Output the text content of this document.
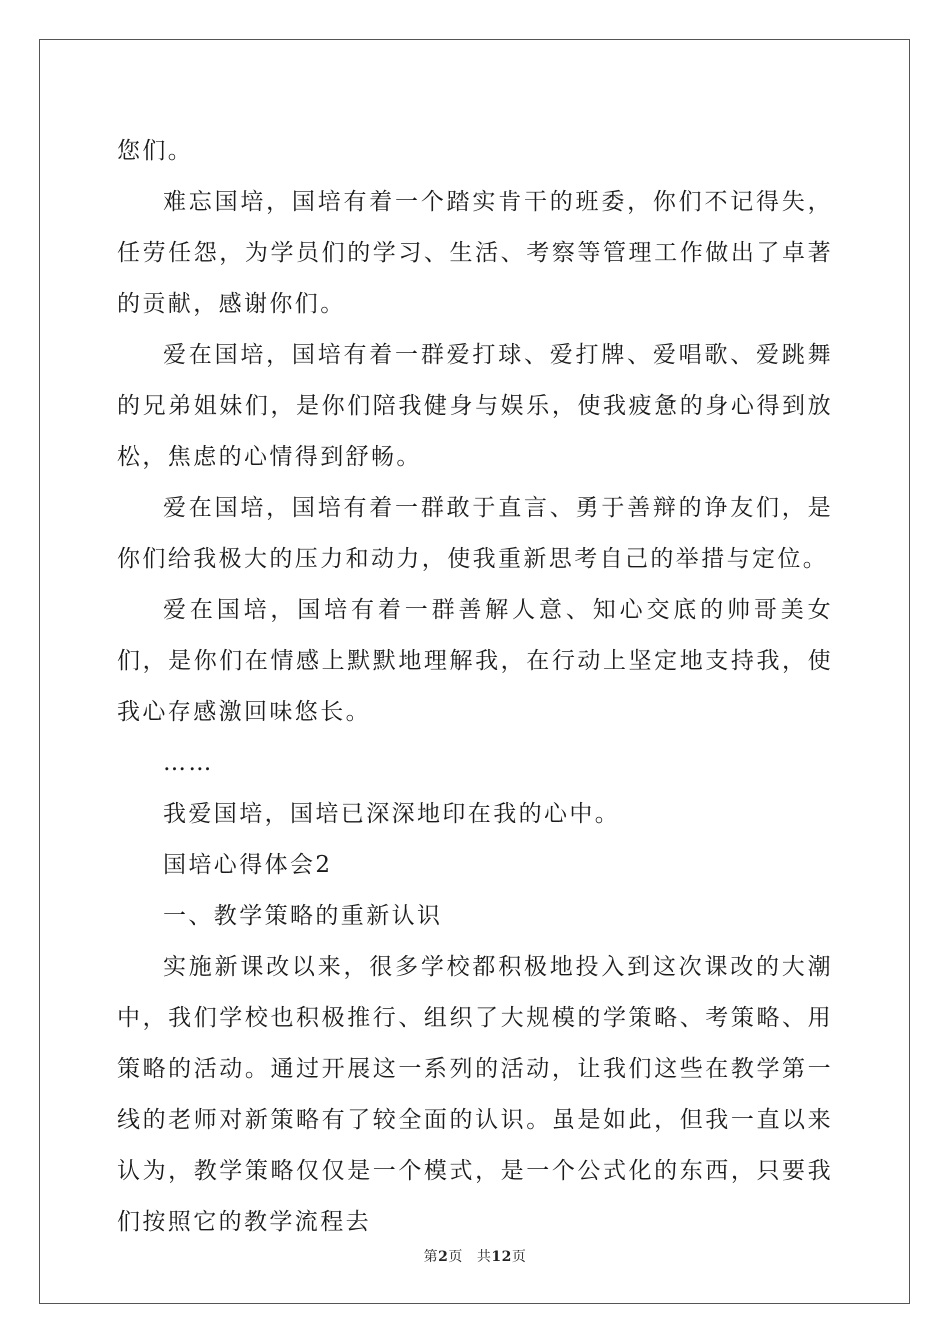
您们。

难忘国培，国培有着一个踏实肯干的班委，你们不记得失，任劳任怨，为学员们的学习、生活、考察等管理工作做出了卓著的贡献，感谢你们。

爱在国培，国培有着一群爱打球、爱打牌、爱唱歌、爱跳舞的兄弟姐妹们，是你们陪我健身与娱乐，使我疲惫的身心得到放松，焦虑的心情得到舒畅。

爱在国培，国培有着一群敢于直言、勇于善辩的诤友们，是你们给我极大的压力和动力，使我重新思考自己的举措与定位。

爱在国培，国培有着一群善解人意、知心交底的帅哥美女们，是你们在情感上默默地理解我，在行动上坚定地支持我，使我心存感激回味悠长。

……

我爱国培，国培已深深地印在我的心中。

国培心得体会2

一、教学策略的重新认识

实施新课改以来，很多学校都积极地投入到这次课改的大潮中，我们学校也积极推行、组织了大规模的学策略、考策略、用策略的活动。通过开展这一系列的活动，让我们这些在教学第一线的老师对新策略有了较全面的认识。虽是如此，但我一直以来认为，教学策略仅仅是一个模式，是一个公式化的东西，只要我们按照它的教学流程去

第2页 共12页
